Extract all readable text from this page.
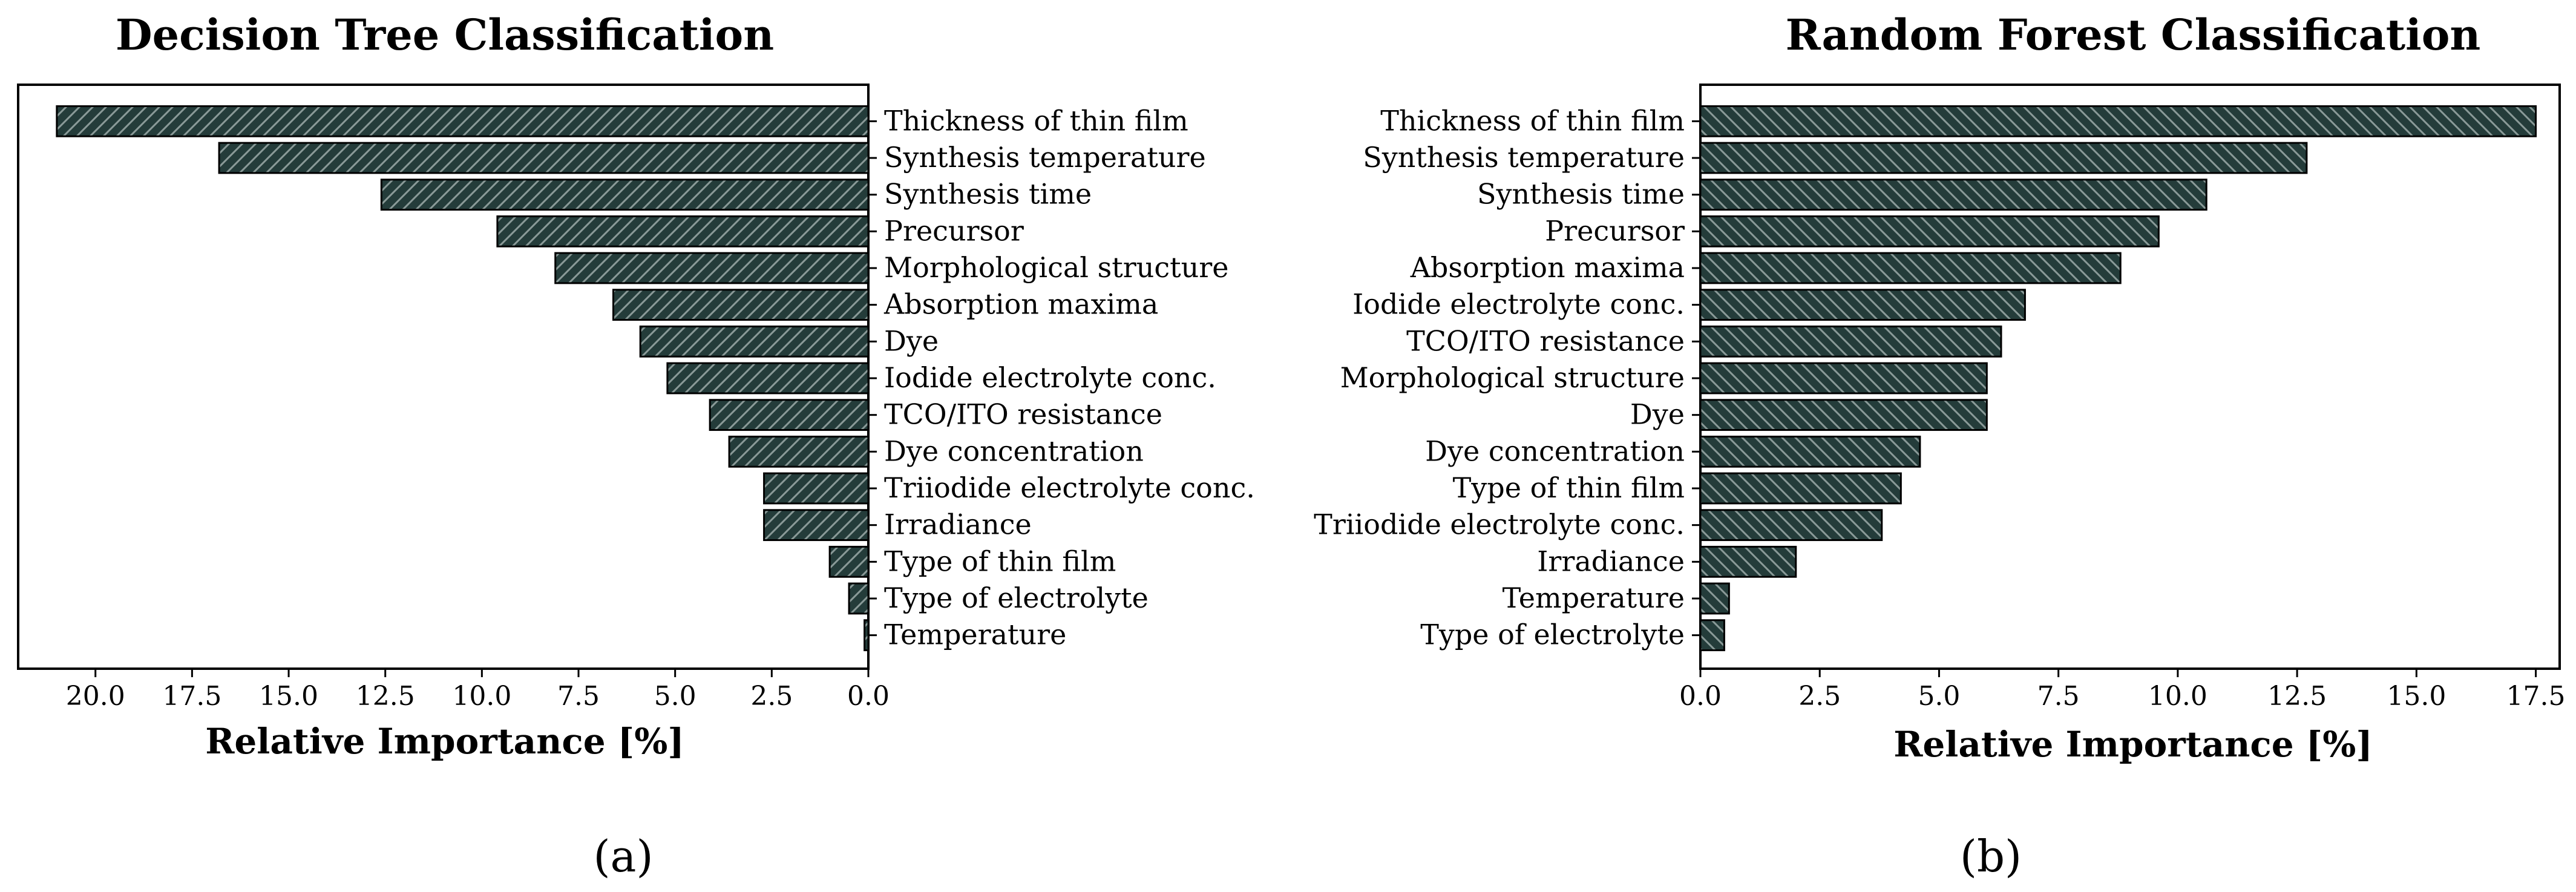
Decision Tree Classification
Thickness of thin film
Synthesis temperature
Synthesis time
Precursor
Morphological structure
Absorption maxima
Dye
Iodide electrolyte conc.
TCO/ITO resistance
Dye concentration
Triiodide electrolyte conc.
Irradiance
Type of thin film
Type of electrolyte
Temperature
20.0 17.5 15.0 12.5 10.0 7.5 5.0 2.5 0.0
Relative Importance [%]
(a)
Random Forest Classification
Thickness of thin film
Synthesis temperature
Synthesis time
Precursor
Absorption maxima
Iodide electrolyte conc.
TCO/ITO resistance
Morphological structure
Dye
Dye concentration
Type of thin film
Triiodide electrolyte conc.
Irradiance
Temperature
Type of electrolyte
0.0	2.5	5.0	7.5	10.0 12.5 15.0 17.5
Relative Importance [%]
(b)
